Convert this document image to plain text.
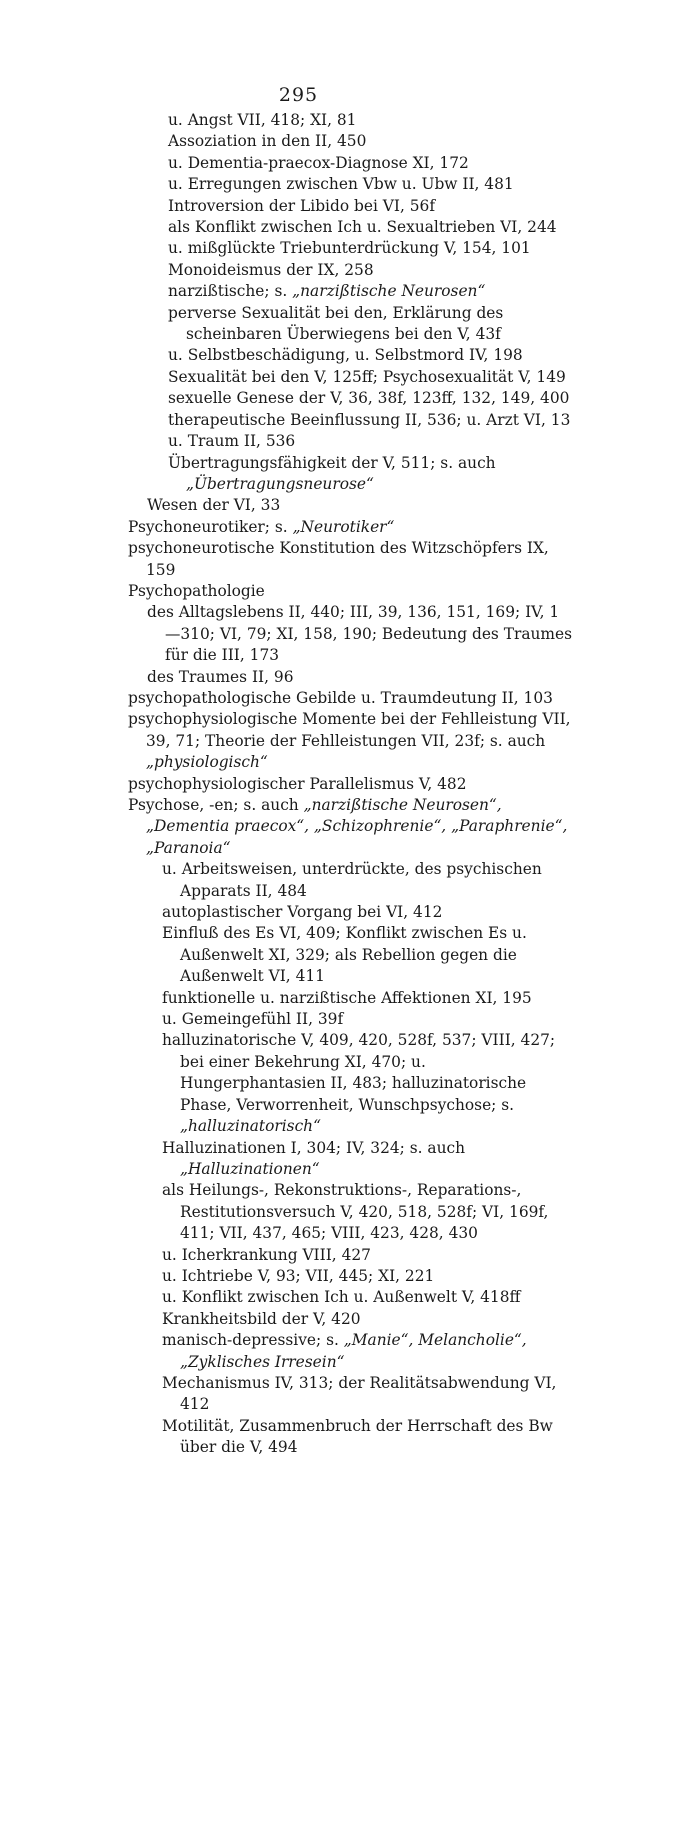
295
u. Angst VII, 418; XI, 81
Assoziation in den II, 450
u. Dementia-praecox-Diagnose XI, 172
u. Erregungen zwischen Vbw u. Ubw II, 481
Introversion der Libido bei VI, 56f
als Konflikt zwischen Ich u. Sexualtrieben VI, 244
u. mißglückte Triebunterdrückung V, 154, 101
Monoideismus der IX, 258
narzißtische; s. „narzißtische Neurosen“
perverse Sexualität bei den, Erklärung des scheinbaren Überwiegens bei den V, 43f
u. Selbstbeschädigung, u. Selbstmord IV, 198
Sexualität bei den V, 125ff; Psychosexualität V, 149
sexuelle Genese der V, 36, 38f, 123ff, 132, 149, 400
therapeutische Beeinflussung II, 536; u. Arzt VI, 13
u. Traum II, 536
Übertragungsfähigkeit der V, 511; s. auch „Übertragungsneurose“
Wesen der VI, 33
Psychoneurotiker; s. „Neurotiker“
psychoneurotische Konstitution des Witzschöpfers IX, 159
Psychopathologie
des Alltagslebens II, 440; III, 39, 136, 151, 169; IV, 1—310; VI, 79; XI, 158, 190; Bedeutung des Traumes für die III, 173
des Traumes II, 96
psychopathologische Gebilde u. Traumdeutung II, 103
psychophysiologische Momente bei der Fehlleistung VII, 39, 71; Theorie der Fehlleistungen VII, 23f; s. auch „physiologisch“
psychophysiologischer Parallelismus V, 482
Psychose, -en; s. auch „narzißtische Neurosen“, „Dementia praecox“, „Schizophrenie“, „Paraphrenie“, „Paranoia“
u. Arbeitsweisen, unterdrückte, des psychischen Apparats II, 484
autoplastischer Vorgang bei VI, 412
Einfluß des Es VI, 409; Konflikt zwischen Es u. Außenwelt XI, 329; als Rebellion gegen die Außenwelt VI, 411
funktionelle u. narzißtische Affektionen XI, 195
u. Gemeingefühl II, 39f
halluzinatorische V, 409, 420, 528f, 537; VIII, 427; bei einer Bekehrung XI, 470; u. Hungerphantasien II, 483; halluzinatorische Phase, Verworrenheit, Wunschpsychose; s. „halluzinatorisch“
Halluzinationen I, 304; IV, 324; s. auch „Halluzinationen“
als Heilungs-, Rekonstruktions-, Reparations-, Restitutionsversuch V, 420, 518, 528f; VI, 169f, 411; VII, 437, 465; VIII, 423, 428, 430
u. Icherkrankung VIII, 427
u. Ichtriebe V, 93; VII, 445; XI, 221
u. Konflikt zwischen Ich u. Außenwelt V, 418ff
Krankheitsbild der V, 420
manisch-depressive; s. „Manie“, Melancholie“, „Zyklisches Irresein“
Mechanismus IV, 313; der Realitätsabwendung VI, 412
Motilität, Zusammenbruch der Herrschaft des Bw über die V, 494
